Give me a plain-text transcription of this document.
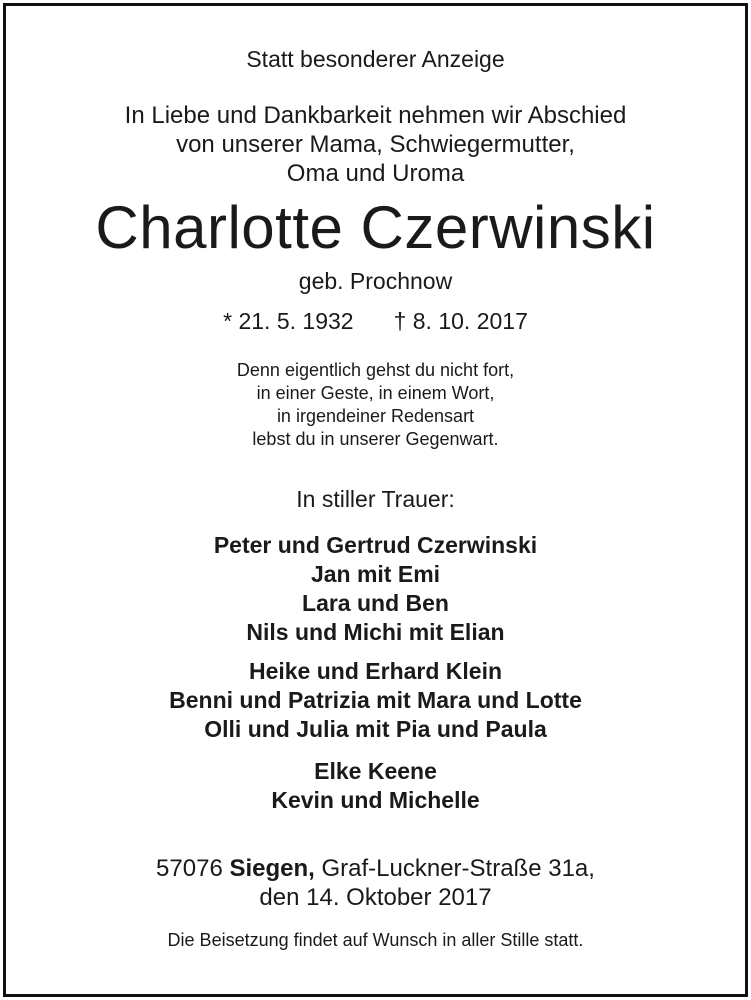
Statt besonderer Anzeige
In Liebe und Dankbarkeit nehmen wir Abschied
von unserer Mama, Schwiegermutter,
Oma und Uroma
Charlotte Czerwinski
geb. Prochnow
* 21. 5. 1932 † 8. 10. 2017
Denn eigentlich gehst du nicht fort,
in einer Geste, in einem Wort,
in irgendeiner Redensart
lebst du in unserer Gegenwart.
In stiller Trauer:
Peter und Gertrud Czerwinski
Jan mit Emi
Lara und Ben
Nils und Michi mit Elian
Heike und Erhard Klein
Benni und Patrizia mit Mara und Lotte
Olli und Julia mit Pia und Paula
Elke Keene
Kevin und Michelle
57076 Siegen, Graf-Luckner-Straße 31a,
den 14. Oktober 2017
Die Beisetzung findet auf Wunsch in aller Stille statt.
